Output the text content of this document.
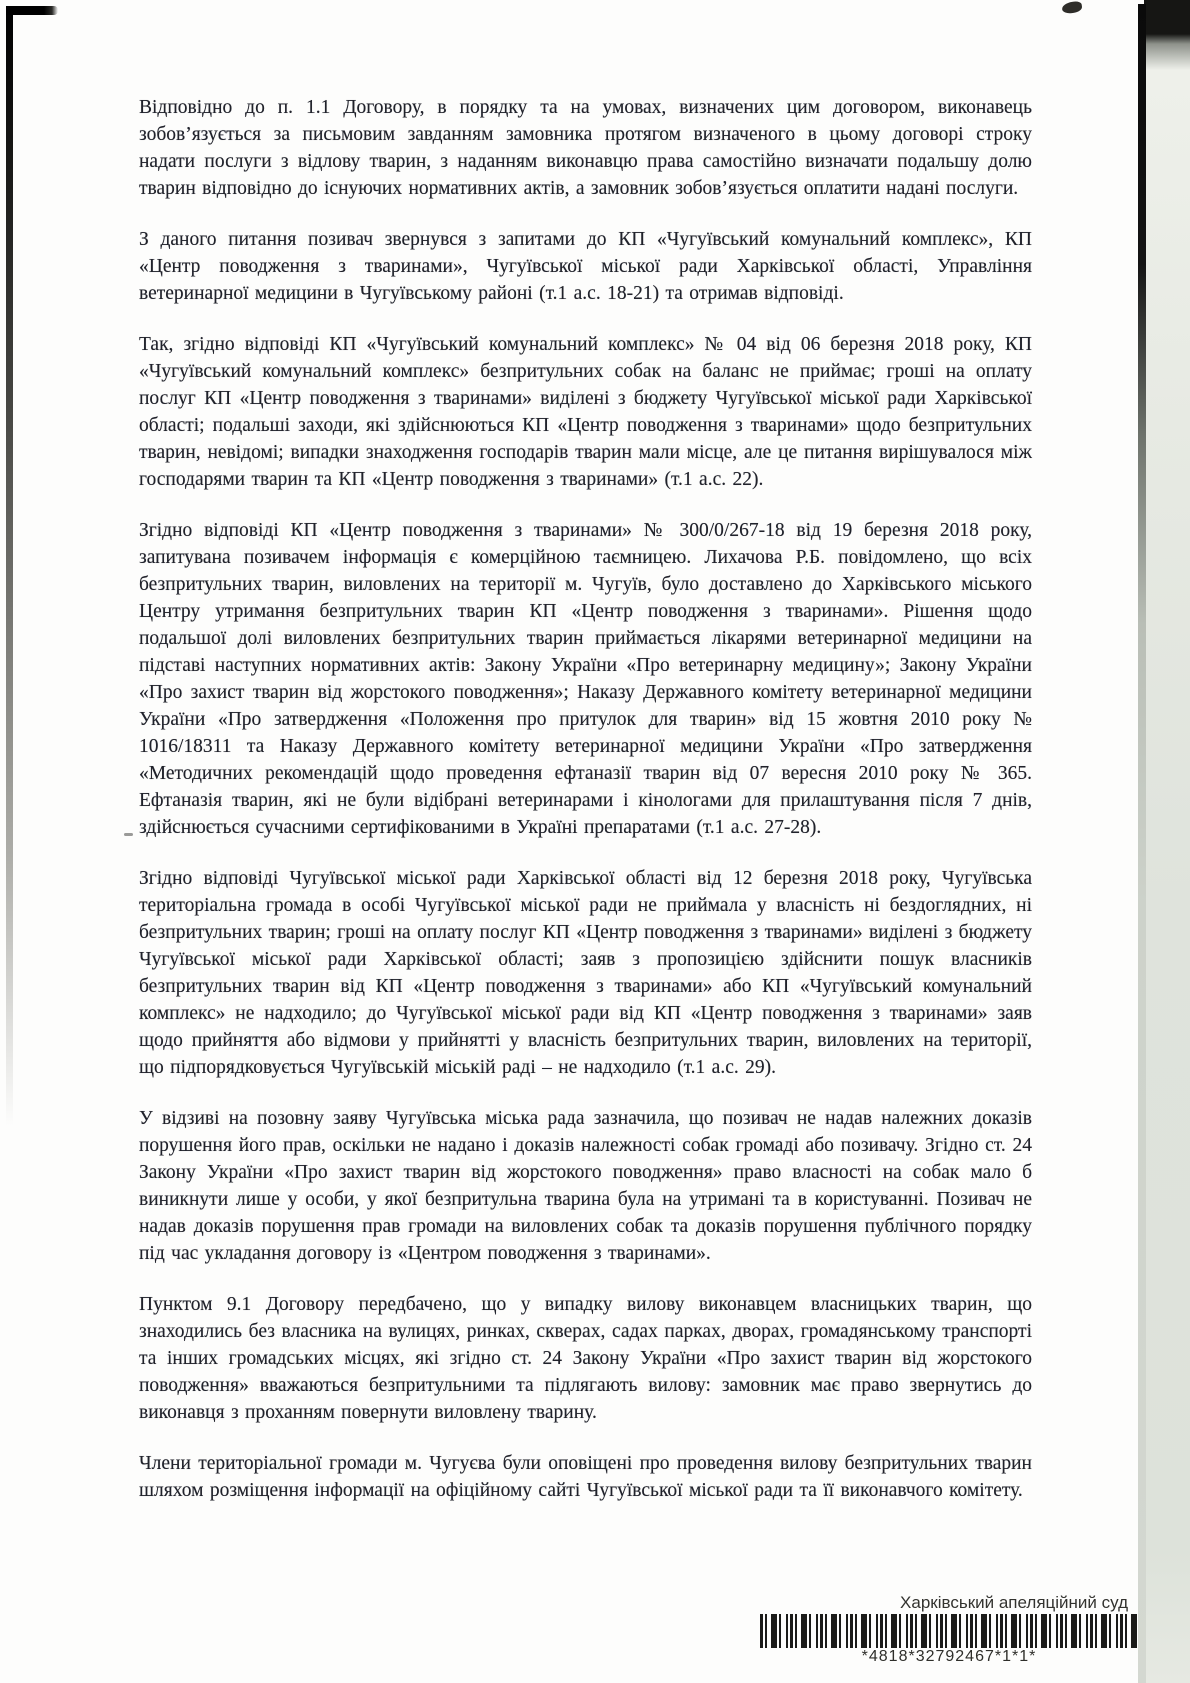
Відповідно до п. 1.1 Договору, в порядку та на умовах, визначених цим договором, виконавець зобов’язується за письмовим завданням замовника протягом визначеного в цьому договорі строку надати послуги з відлову тварин, з наданням виконавцю права самостійно визначати подальшу долю тварин відповідно до існуючих нормативних актів, а замовник зобов’язується оплатити надані послуги.

З даного питання позивач звернувся з запитами до КП «Чугуївський комунальний комплекс», КП «Центр поводження з тваринами», Чугуївської міської ради Харківської області, Управління ветеринарної медицини в Чугуївському районі (т.1 а.с. 18-21) та отримав відповіді.

Так, згідно відповіді КП «Чугуївський комунальний комплекс» № 04 від 06 березня 2018 року, КП «Чугуївський комунальний комплекс» безпритульних собак на баланс не приймає; гроші на оплату послуг КП «Центр поводження з тваринами» виділені з бюджету Чугуївської міської ради Харківської області; подальші заходи, які здійснюються КП «Центр поводження з тваринами» щодо безпритульних тварин, невідомі; випадки знаходження господарів тварин мали місце, але це питання вирішувалося між господарями тварин та КП «Центр поводження з тваринами» (т.1 а.с. 22).

Згідно відповіді КП «Центр поводження з тваринами» № 300/0/267-18 від 19 березня 2018 року, запитувана позивачем інформація є комерційною таємницею. Лихачова Р.Б. повідомлено, що всіх безпритульних тварин, виловлених на території м. Чугуїв, було доставлено до Харківського міського Центру утримання безпритульних тварин КП «Центр поводження з тваринами». Рішення щодо подальшої долі виловлених безпритульних тварин приймається лікарями ветеринарної медицини на підставі наступних нормативних актів: Закону України «Про ветеринарну медицину»; Закону України «Про захист тварин від жорстокого поводження»; Наказу Державного комітету ветеринарної медицини України «Про затвердження «Положення про притулок для тварин» від 15 жовтня 2010 року № 1016/18311 та Наказу Державного комітету ветеринарної медицини України «Про затвердження «Методичних рекомендацій щодо проведення ефтаназії тварин від 07 вересня 2010 року № 365. Ефтаназія тварин, які не були відібрані ветеринарами і кінологами для прилаштування після 7 днів, здійснюється сучасними сертифікованими в Україні препаратами (т.1 а.с. 27-28).

Згідно відповіді Чугуївської міської ради Харківської області від 12 березня 2018 року, Чугуївська територіальна громада в особі Чугуївської міської ради не приймала у власність ні бездоглядних, ні безпритульних тварин; гроші на оплату послуг КП «Центр поводження з тваринами» виділені з бюджету Чугуївської міської ради Харківської області; заяв з пропозицією здійснити пошук власників безпритульних тварин від КП «Центр поводження з тваринами» або КП «Чугуївський комунальний комплекс» не надходило; до Чугуївської міської ради від КП «Центр поводження з тваринами» заяв щодо прийняття або відмови у прийнятті у власність безпритульних тварин, виловлених на території, що підпорядковується Чугуївській міській раді – не надходило (т.1 а.с. 29).

У відзиві на позовну заяву Чугуївська міська рада зазначила, що позивач не надав належних доказів порушення його прав, оскільки не надано і доказів належності собак громаді або позивачу. Згідно ст. 24 Закону України «Про захист тварин від жорстокого поводження» право власності на собак мало б виникнути лише у особи, у якої безпритульна тварина була на утримані та в користуванні. Позивач не надав доказів порушення прав громади на виловлених собак та доказів порушення публічного порядку під час укладання договору із «Центром поводження з тваринами».

Пунктом 9.1 Договору передбачено, що у випадку вилову виконавцем власницьких тварин, що знаходились без власника на вулицях, ринках, скверах, садах парках, дворах, громадянському транспорті та інших громадських місцях, які згідно ст. 24 Закону України «Про захист тварин від жорстокого поводження» вважаються безпритульними та підлягають вилову: замовник має право звернутись до виконавця з проханням повернути виловлену тварину.

Члени територіальної громади м. Чугуєва були оповіщені про проведення вилову безпритульних тварин шляхом розміщення інформації на офіційному сайті Чугуївської міської ради та її виконавчого комітету.

Харківський апеляційний суд
*4818*32792467*1*1*
